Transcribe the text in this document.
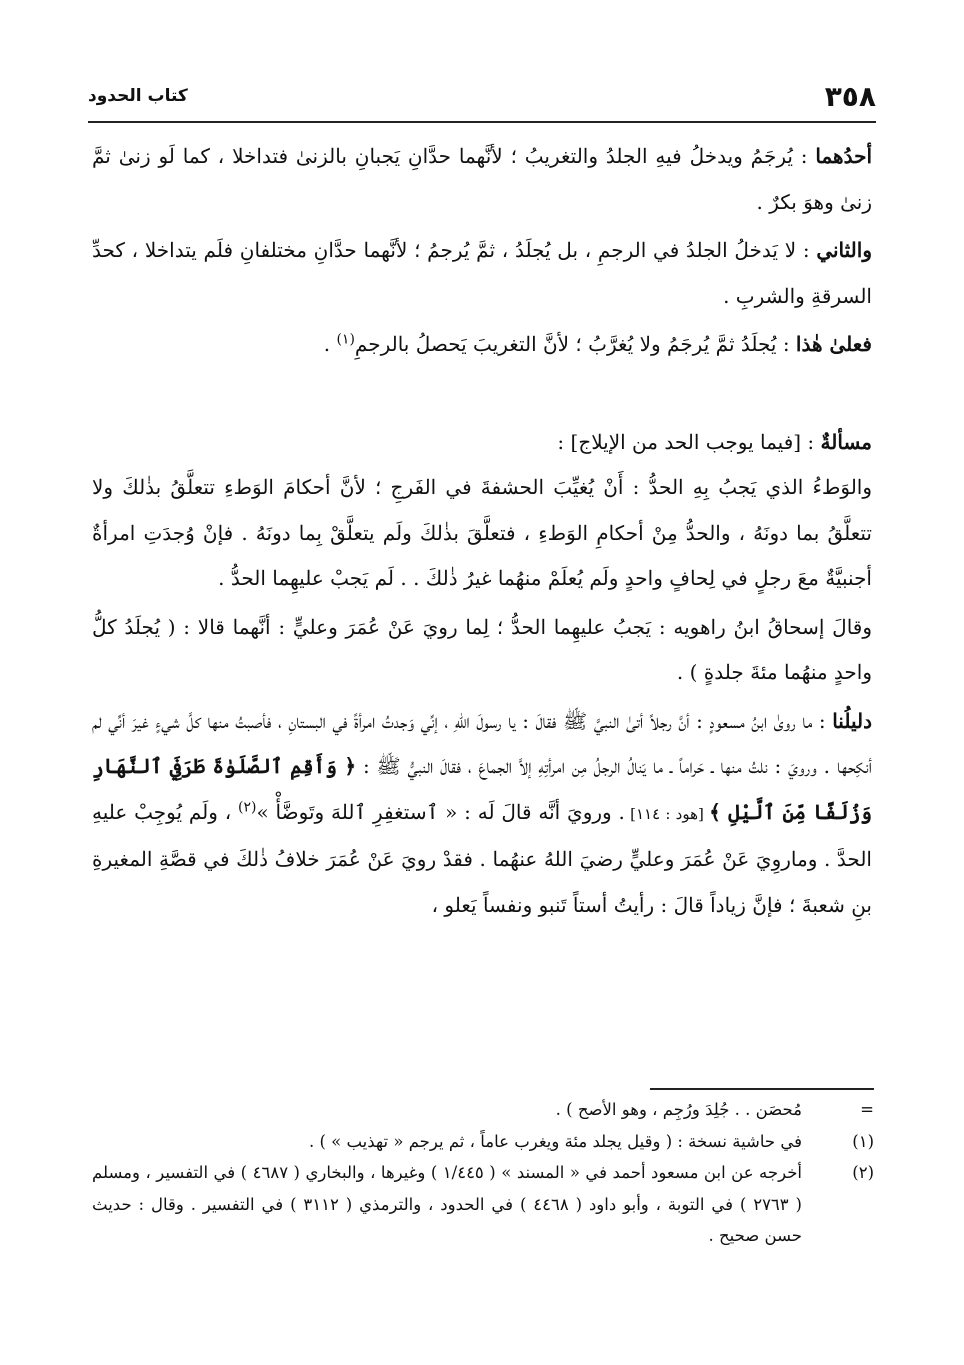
٣٥٨
كتاب الحدود

أحدُهما : يُرجَمُ ويدخلُ فيهِ الجلدُ والتغريبُ ؛ لأنَّهما حدَّانِ يَجبانِ بالزنىٰ فتداخلا ، كما لَو زنىٰ ثمَّ زنىٰ وهوَ بكرٌ .

والثاني : لا يَدخلُ الجلدُ في الرجمِ ، بل يُجلَدُ ، ثمَّ يُرجمُ ؛ لأنَّهما حدَّانِ مختلفانِ فلَم يتداخلا ، كحدِّ السرقةِ والشربِ .

فعلىٰ هٰذا : يُجلَدُ ثمَّ يُرجَمُ ولا يُغرَّبُ ؛ لأنَّ التغريبَ يَحصلُ بالرجمِ$^{(١)}$ .

مسألةٌ : [فيما يوجب الحد من الإيلاج] :

والوَطءُ الذي يَجبُ بِهِ الحدُّ : أَنْ يُغيِّبَ الحشفةَ في الفَرجِ ؛ لأنَّ أحكامَ الوَطءِ تتعلَّقُ بذٰلكَ ولا تتعلَّقُ بما دونَهُ ، والحدُّ مِنْ أحكامِ الوَطءِ ، فتعلَّقَ بذٰلكَ ولَم يتعلَّقْ بِما دونَهُ . فإنْ وُجدَتِ امرأةٌ أجنبيَّةٌ معَ رجلٍ في لِحافٍ واحدٍ ولَم يُعلَمْ منهُما غيرُ ذٰلكَ . . لَم يَجبْ عليهِما الحدُّ .

وقالَ إسحاقُ ابنُ راهويه : يَجبُ عليهِما الحدُّ ؛ لِما رويَ عَنْ عُمَرَ وعليٍّ : أنَّهما قالا : ( يُجلَدُ كلُّ واحدٍ منهُما مئةَ جلدةٍ ) .

دليلُنا : ما روىٰ ابنُ مسعودٍ : أنَّ رجلاً أتىٰ النبيَّ ﷺ فقالَ : يا رسولَ اللهِ ، إنِّي وَجدتُ امرأةً في البستانِ ، فأصبتُ منها كلَّ شيءٍ غيرَ أنِّي لم أنكِحها . ورويَ : نلتُ منها ـ حَراماً ـ ما يَنالُ الرجلُ مِن امرأتِهِ إلاَّ الجماعَ ، فقالَ النبيُّ ﷺ : ﴿ وَأَقِمِ ٱلصَّلَوٰةَ طَرَفَيِ ٱلنَّهَارِ وَزُلَفًا مِّنَ ٱلَّيْلِ ﴾ [هود : ١١٤] . ورويَ أنَّه قالَ لَه : « ٱستغفِرِ ٱللهَ وتَوضَّأْ »$^{(٢)}$ ، ولَم يُوجِبْ عليهِ الحدَّ . وماروِيَ عَنْ عُمَرَ وعليٍّ رضيَ اللهُ عنهُما . فقدْ رويَ عَنْ عُمَرَ خلافُ ذٰلكَ في قصَّةِ المغيرةِ بنِ شعبةَ ؛ فإنَّ زياداً قالَ : رأيتُ أستاً تَنبو ونفساً يَعلو ،

=
مُحصَن . . جُلِدَ ورُجِم ، وهو الأصح ) .
(١)
في حاشية نسخة : ( وقيل يجلد مئة ويغرب عاماً ، ثم يرجم « تهذيب » ) .
(٢)
أخرجه عن ابن مسعود أحمد في « المسند » ( ١/٤٤٥ ) وغيرها ، والبخاري ( ٤٦٨٧ ) في التفسير ، ومسلم ( ٢٧٦٣ ) في التوبة ، وأبو داود ( ٤٤٦٨ ) في الحدود ، والترمذي ( ٣١١٢ ) في التفسير . وقال : حديث حسن صحيح .
